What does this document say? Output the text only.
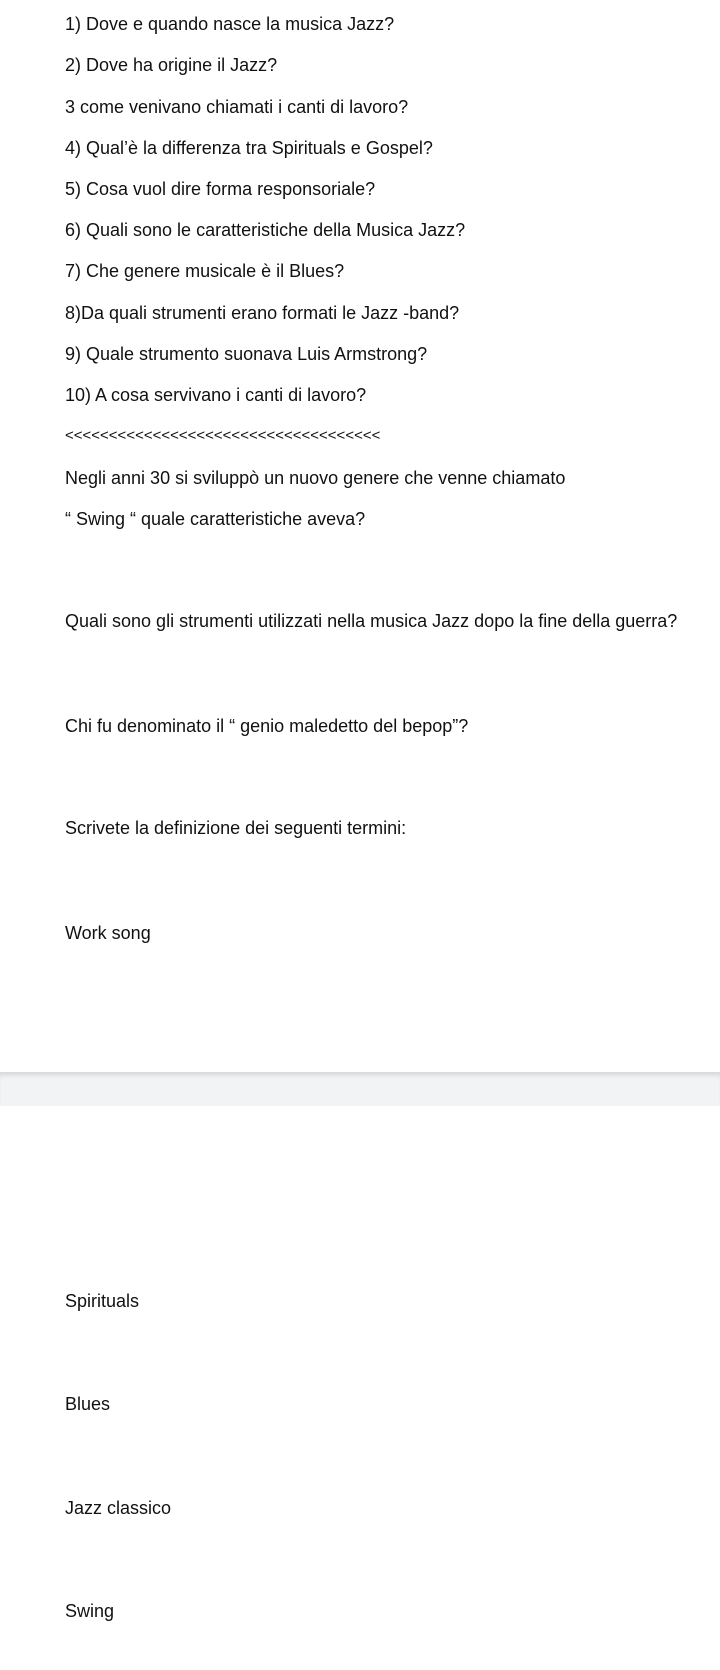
1) Dove e quando nasce la musica Jazz?
2) Dove ha origine il Jazz?
3 come venivano chiamati i canti di lavoro?
4) Qual’è la differenza tra Spirituals e Gospel?
5) Cosa vuol dire forma responsoriale?
6) Quali sono le caratteristiche della Musica Jazz?
7) Che genere musicale è il Blues?
8)Da quali strumenti erano formati le Jazz -band?
9) Quale strumento suonava Luis Armstrong?
10) A cosa servivano i canti di lavoro?
<<<<<<<<<<<<<<<<<<<<<<<<<<<<<<<<<<<<
Negli anni 30 si sviluppò un nuovo genere che venne chiamato
“ Swing “ quale caratteristiche aveva?
Quali sono gli strumenti utilizzati nella musica Jazz dopo la fine della guerra?
Chi fu denominato il “ genio maledetto del bepop”?
Scrivete la definizione dei seguenti termini:
Work song
Spirituals
Blues
Jazz classico
Swing
